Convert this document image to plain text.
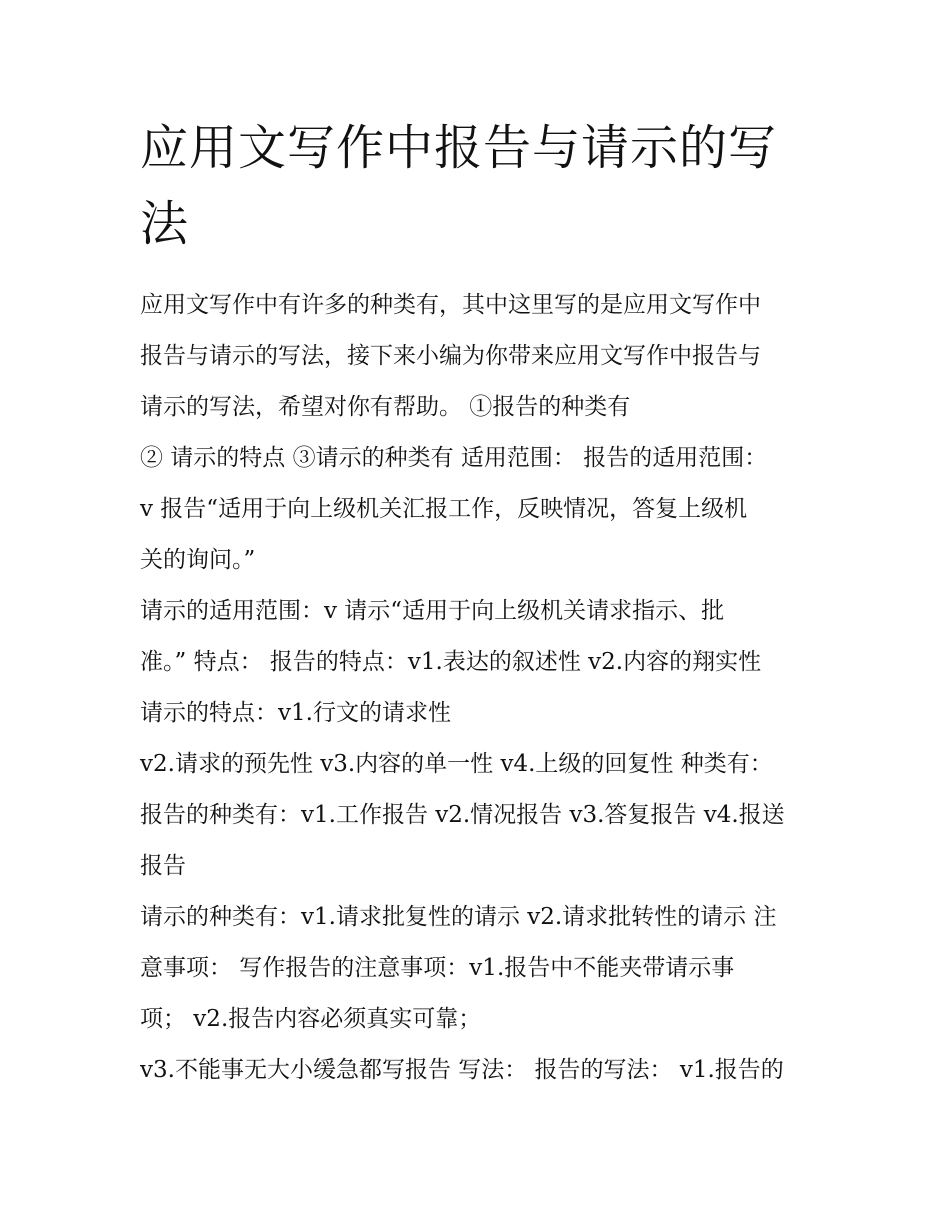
应用文写作中报告与请示的写
法
应用文写作中有许多的种类有，其中这里写的是应用文写作中
报告与请示的写法，接下来小编为你带来应用文写作中报告与
请示的写法，希望对你有帮助。 ①报告的种类有
② 请示的特点 ③请示的种类有 适用范围： 报告的适用范围：
v 报告“适用于向上级机关汇报工作，反映情况，答复上级机
关的询问。”
请示的适用范围：v 请示“适用于向上级机关请求指示、批
准。” 特点： 报告的特点：v1.表达的叙述性 v2.内容的翔实性
请示的特点：v1.行文的请求性
v2.请求的预先性 v3.内容的单一性 v4.上级的回复性 种类有：
报告的种类有：v1.工作报告 v2.情况报告 v3.答复报告 v4.报送
报告
请示的种类有：v1.请求批复性的请示 v2.请求批转性的请示 注
意事项： 写作报告的注意事项：v1.报告中不能夹带请示事
项； v2.报告内容必须真实可靠；
v3.不能事无大小缓急都写报告 写法： 报告的写法： v1.报告的
